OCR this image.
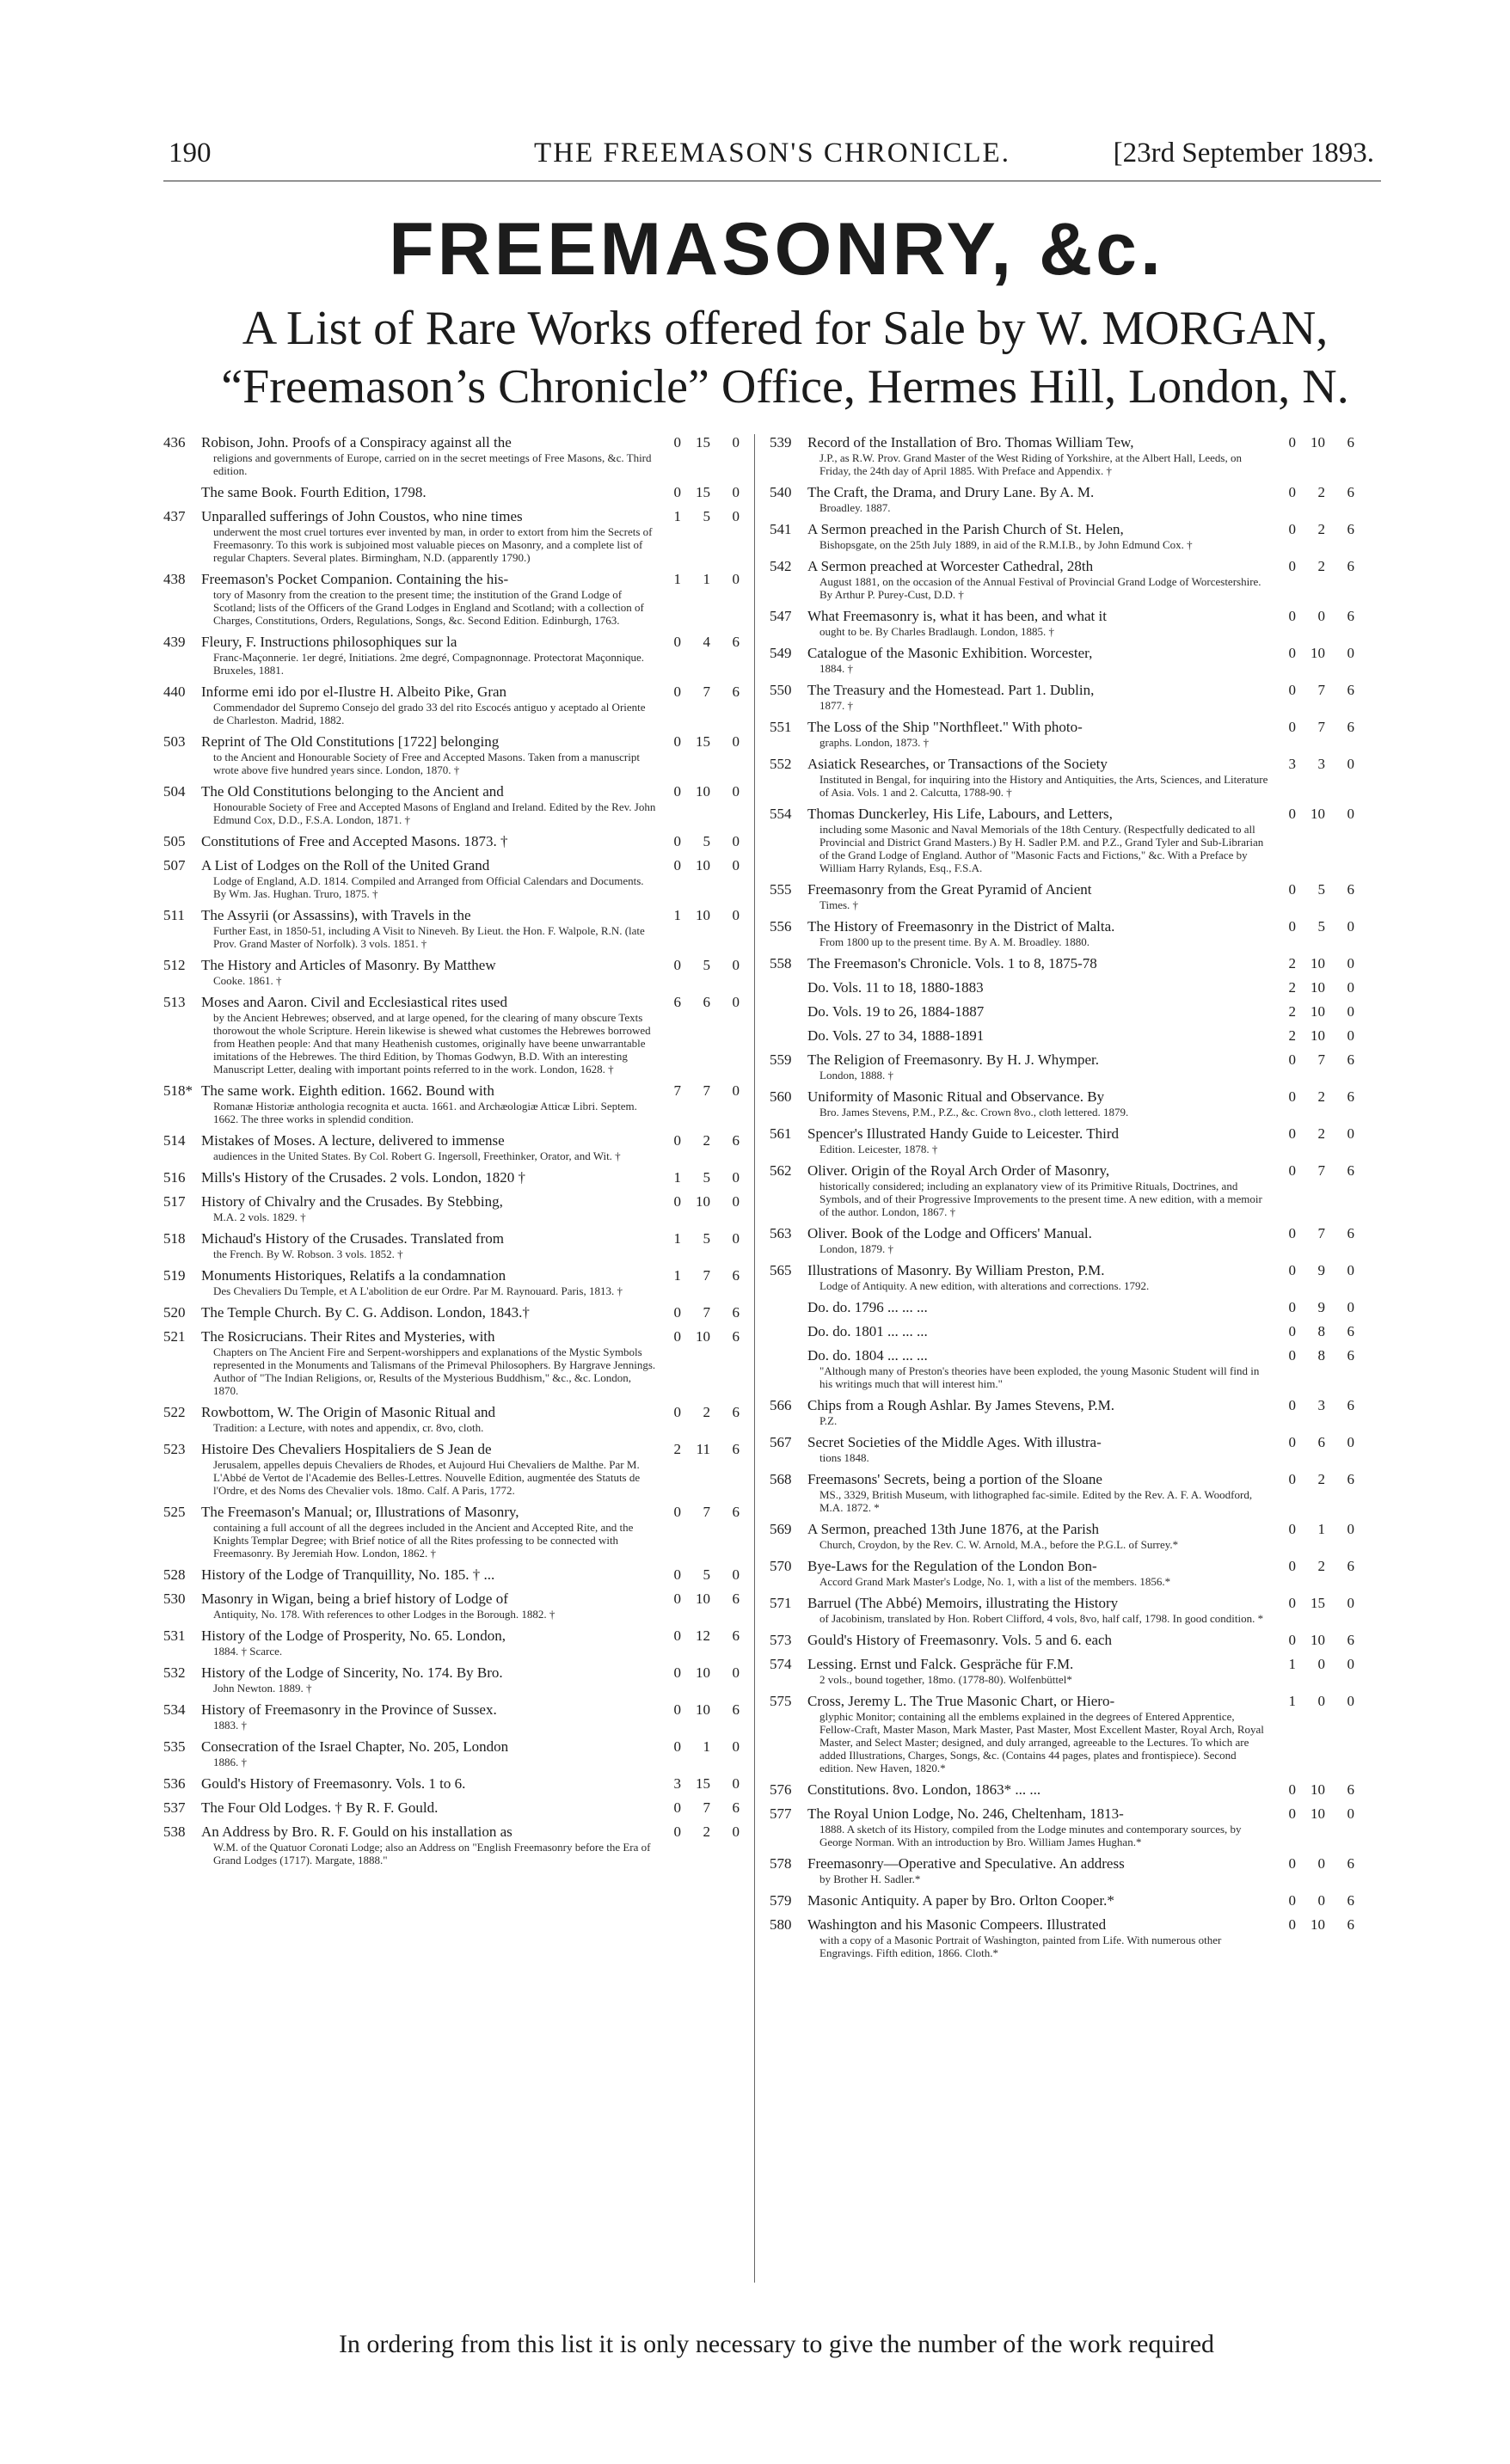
190	THE FREEMASON'S CHRONICLE.	[23rd September 1893.
FREEMASONRY, &c.
A List of Rare Works offered for Sale by W. MORGAN,
“Freemason’s Chronicle” Office, Hermes Hill, London, N.
436	Robison, John. Proofs of a Conspiracy against all the	0	15	0
religions and governments of Europe, carried on in the secret meetings of Free Masons, &c. Third edition.
The same Book. Fourth Edition, 1798.	0	15	0
437	Unparalled sufferings of John Coustos, who nine times	1	5	0
underwent the most cruel tortures ever invented by man, in order to extort from him the Secrets of Freemasonry. To this work is subjoined most valuable pieces on Masonry, and a complete list of regular Chapters. Several plates. Birmingham, N.D. (apparently 1790.)
438	Freemason's Pocket Companion. Containing the his-	1	1	0
tory of Masonry from the creation to the present time; the institution of the Grand Lodge of Scotland; lists of the Officers of the Grand Lodges in England and Scotland; with a collection of Charges, Constitutions, Orders, Regulations, Songs, &c. Second Edition. Edinburgh, 1763.
439	Fleury, F. Instructions philosophiques sur la	0	4	6
Franc-Maçonnerie. 1er degré, Initiations. 2me degré, Compagnonnage. Protectorat Maçonnique. Bruxeles, 1881.
440	Informe emi ido por el-Ilustre H. Albeito Pike, Gran	0	7	6
Commendador del Supremo Consejo del grado 33 del rito Escocés antiguo y aceptado al Oriente de Charleston. Madrid, 1882.
503	Reprint of The Old Constitutions [1722] belonging	0	15	0
to the Ancient and Honourable Society of Free and Accepted Masons. Taken from a manuscript wrote above five hundred years since. London, 1870. †
504	The Old Constitutions belonging to the Ancient and	0	10	0
Honourable Society of Free and Accepted Masons of England and Ireland. Edited by the Rev. John Edmund Cox, D.D., F.S.A. London, 1871. †
505	Constitutions of Free and Accepted Masons. 1873. †	0	5	0
507	A List of Lodges on the Roll of the United Grand	0	10	0
Lodge of England, A.D. 1814. Compiled and Arranged from Official Calendars and Documents. By Wm. Jas. Hughan. Truro, 1875. †
511	The Assyrii (or Assassins), with Travels in the	1	10	0
Further East, in 1850-51, including A Visit to Nineveh. By Lieut. the Hon. F. Walpole, R.N. (late Prov. Grand Master of Norfolk). 3 vols. 1851. †
512	The History and Articles of Masonry. By Matthew	0	5	0
Cooke. 1861. †
513	Moses and Aaron. Civil and Ecclesiastical rites used	6	6	0
by the Ancient Hebrewes; observed, and at large opened, for the clearing of many obscure Texts thorowout the whole Scripture. Herein likewise is shewed what customes the Hebrewes borrowed from Heathen people: And that many Heathenish customes, originally have beene unwarrantable imitations of the Hebrewes. The third Edition, by Thomas Godwyn, B.D. With an interesting Manuscript Letter, dealing with important points referred to in the work. London, 1628. †
518* The same work. Eighth edition. 1662. Bound with	7	7	0
Romanæ Historiæ anthologia recognita et aucta. 1661. and Archæologiæ Atticæ Libri. Septem. 1662. The three works in splendid condition.
514	Mistakes of Moses. A lecture, delivered to immense	0	2	6
audiences in the United States. By Col. Robert G. Ingersoll, Freethinker, Orator, and Wit. †
516	Mills's History of the Crusades. 2 vols. London, 1820 †	1	5	0
517	History of Chivalry and the Crusades. By Stebbing,	0	10	0
M.A. 2 vols. 1829. †
518	Michaud's History of the Crusades. Translated from	1	5	0
the French. By W. Robson. 3 vols. 1852. †
519	Monuments Historiques, Relatifs a la condamnation	1	7	6
Des Chevaliers Du Temple, et A L'abolition de eur Ordre. Par M. Raynouard. Paris, 1813. †
520	The Temple Church. By C. G. Addison. London, 1843.†	0	7	6
521	The Rosicrucians. Their Rites and Mysteries, with	0	10	6
Chapters on The Ancient Fire and Serpent-worshippers and explanations of the Mystic Symbols represented in the Monuments and Talismans of the Primeval Philosophers. By Hargrave Jennings. Author of "The Indian Religions, or, Results of the Mysterious Buddhism," &c., &c. London, 1870.
522	Rowbottom, W. The Origin of Masonic Ritual and	0	2	6
Tradition: a Lecture, with notes and appendix, cr. 8vo, cloth.
523	Histoire Des Chevaliers Hospitaliers de S Jean de	2	11	6
Jerusalem, appelles depuis Chevaliers de Rhodes, et Aujourd Hui Chevaliers de Malthe. Par M. L'Abbé de Vertot de l'Academie des Belles-Lettres. Nouvelle Edition, augmentée des Statuts de l'Ordre, et des Noms des Chevalier vols. 18mo. Calf. A Paris, 1772.
525	The Freemason's Manual; or, Illustrations of Masonry,	0	7	6
containing a full account of all the degrees included in the Ancient and Accepted Rite, and the Knights Templar Degree; with Brief notice of all the Rites professing to be connected with Freemasonry. By Jeremiah How. London, 1862. †
528	History of the Lodge of Tranquillity, No. 185. † ...	0	5	0
530	Masonry in Wigan, being a brief history of Lodge of	0	10	6
Antiquity, No. 178. With references to other Lodges in the Borough. 1882. †
531	History of the Lodge of Prosperity, No. 65. London,	0	12	6
1884. † Scarce.
532	History of the Lodge of Sincerity, No. 174. By Bro.	0	10	0
John Newton. 1889. †
534	History of Freemasonry in the Province of Sussex.	0	10	6
1883. †
535	Consecration of the Israel Chapter, No. 205, London	0	1	0
1886. †
536	Gould's History of Freemasonry. Vols. 1 to 6.	3	15	0
537	The Four Old Lodges. † By R. F. Gould.	0	7	6
538	An Address by Bro. R. F. Gould on his installation as	0	2	0
W.M. of the Quatuor Coronati Lodge; also an Address on "English Freemasonry before the Era of Grand Lodges (1717). Margate, 1888."
539	Record of the Installation of Bro. Thomas William Tew,	0	10	6
J.P., as R.W. Prov. Grand Master of the West Riding of Yorkshire, at the Albert Hall, Leeds, on Friday, the 24th day of April 1885. With Preface and Appendix. †
540	The Craft, the Drama, and Drury Lane. By A. M.	0	2	6
Broadley. 1887.
541	A Sermon preached in the Parish Church of St. Helen,	0	2	6
Bishopsgate, on the 25th July 1889, in aid of the R.M.I.B., by John Edmund Cox. †
542	A Sermon preached at Worcester Cathedral, 28th	0	2	6
August 1881, on the occasion of the Annual Festival of Provincial Grand Lodge of Worcestershire. By Arthur P. Purey-Cust, D.D. †
547	What Freemasonry is, what it has been, and what it	0	0	6
ought to be. By Charles Bradlaugh. London, 1885. †
549	Catalogue of the Masonic Exhibition. Worcester,	0	10	0
1884. †
550	The Treasury and the Homestead. Part 1. Dublin,	0	7	6
1877. †
551	The Loss of the Ship "Northfleet." With photo-	0	7	6
graphs. London, 1873. †
552	Asiatick Researches, or Transactions of the Society	3	3	0
Instituted in Bengal, for inquiring into the History and Antiquities, the Arts, Sciences, and Literature of Asia. Vols. 1 and 2. Calcutta, 1788-90. †
554	Thomas Dunckerley, His Life, Labours, and Letters,	0	10	0
including some Masonic and Naval Memorials of the 18th Century. (Respectfully dedicated to all Provincial and District Grand Masters.) By H. Sadler P.M. and P.Z., Grand Tyler and Sub-Librarian of the Grand Lodge of England. Author of "Masonic Facts and Fictions," &c. With a Preface by William Harry Rylands, Esq., F.S.A.
555	Freemasonry from the Great Pyramid of Ancient	0	5	6
Times. †
556	The History of Freemasonry in the District of Malta.	0	5	0
From 1800 up to the present time. By A. M. Broadley. 1880.
558	The Freemason's Chronicle. Vols. 1 to 8, 1875-78	2	10	0
Do. Vols. 11 to 18, 1880-1883	2	10	0
Do. Vols. 19 to 26, 1884-1887	2	10	0
Do. Vols. 27 to 34, 1888-1891	2	10	0
559	The Religion of Freemasonry. By H. J. Whymper.	0	7	6
London, 1888. †
560	Uniformity of Masonic Ritual and Observance. By	0	2	6
Bro. James Stevens, P.M., P.Z., &c. Crown 8vo., cloth lettered. 1879.
561	Spencer's Illustrated Handy Guide to Leicester. Third	0	2	0
Edition. Leicester, 1878. †
562	Oliver. Origin of the Royal Arch Order of Masonry,	0	7	6
historically considered; including an explanatory view of its Primitive Rituals, Doctrines, and Symbols, and of their Progressive Improvements to the present time. A new edition, with a memoir of the author. London, 1867. †
563	Oliver. Book of the Lodge and Officers' Manual.	0	7	6
London, 1879. †
565	Illustrations of Masonry. By William Preston, P.M.	0	9	0
Lodge of Antiquity. A new edition, with alterations and corrections. 1792.
Do. do. 1796 ... ... ...	0	9	0
Do. do. 1801 ... ... ...	0	8	6
Do. do. 1804 ... ... ...	0	8	6
"Although many of Preston's theories have been exploded, the young Masonic Student will find in his writings much that will interest him."
566	Chips from a Rough Ashlar. By James Stevens, P.M.	0	3	6
P.Z.
567	Secret Societies of the Middle Ages. With illustra-	0	6	0
tions 1848.
568	Freemasons' Secrets, being a portion of the Sloane	0	2	6
MS., 3329, British Museum, with lithographed fac-simile. Edited by the Rev. A. F. A. Woodford, M.A. 1872. *
569	A Sermon, preached 13th June 1876, at the Parish	0	1	0
Church, Croydon, by the Rev. C. W. Arnold, M.A., before the P.G.L. of Surrey.*
570	Bye-Laws for the Regulation of the London Bon-	0	2	6
Accord Grand Mark Master's Lodge, No. 1, with a list of the members. 1856.*
571	Barruel (The Abbé) Memoirs, illustrating the History	0	15	0
of Jacobinism, translated by Hon. Robert Clifford, 4 vols, 8vo, half calf, 1798. In good condition. *
573	Gould's History of Freemasonry. Vols. 5 and 6. each	0	10	6
574	Lessing. Ernst und Falck. Gespräche für F.M.	1	0	0
2 vols., bound together, 18mo. (1778-80). Wolfenbüttel*
575	Cross, Jeremy L. The True Masonic Chart, or Hiero-	1	0	0
glyphic Monitor; containing all the emblems explained in the degrees of Entered Apprentice, Fellow-Craft, Master Mason, Mark Master, Past Master, Most Excellent Master, Royal Arch, Royal Master, and Select Master; designed, and duly arranged, agreeable to the Lectures. To which are added Illustrations, Charges, Songs, &c. (Contains 44 pages, plates and frontispiece). Second edition. New Haven, 1820.*
576	Constitutions. 8vo. London, 1863* ... ...	0	10	6
577	The Royal Union Lodge, No. 246, Cheltenham, 1813-	0	10	0
1888. A sketch of its History, compiled from the Lodge minutes and contemporary sources, by George Norman. With an introduction by Bro. William James Hughan.*
578	Freemasonry—Operative and Speculative. An address	0	0	6
by Brother H. Sadler.*
579	Masonic Antiquity. A paper by Bro. Orlton Cooper.*	0	0	6
580	Washington and his Masonic Compeers. Illustrated	0	10	6
with a copy of a Masonic Portrait of Washington, painted from Life. With numerous other Engravings. Fifth edition, 1866. Cloth.*
In ordering from this list it is only necessary to give the number of the work required
